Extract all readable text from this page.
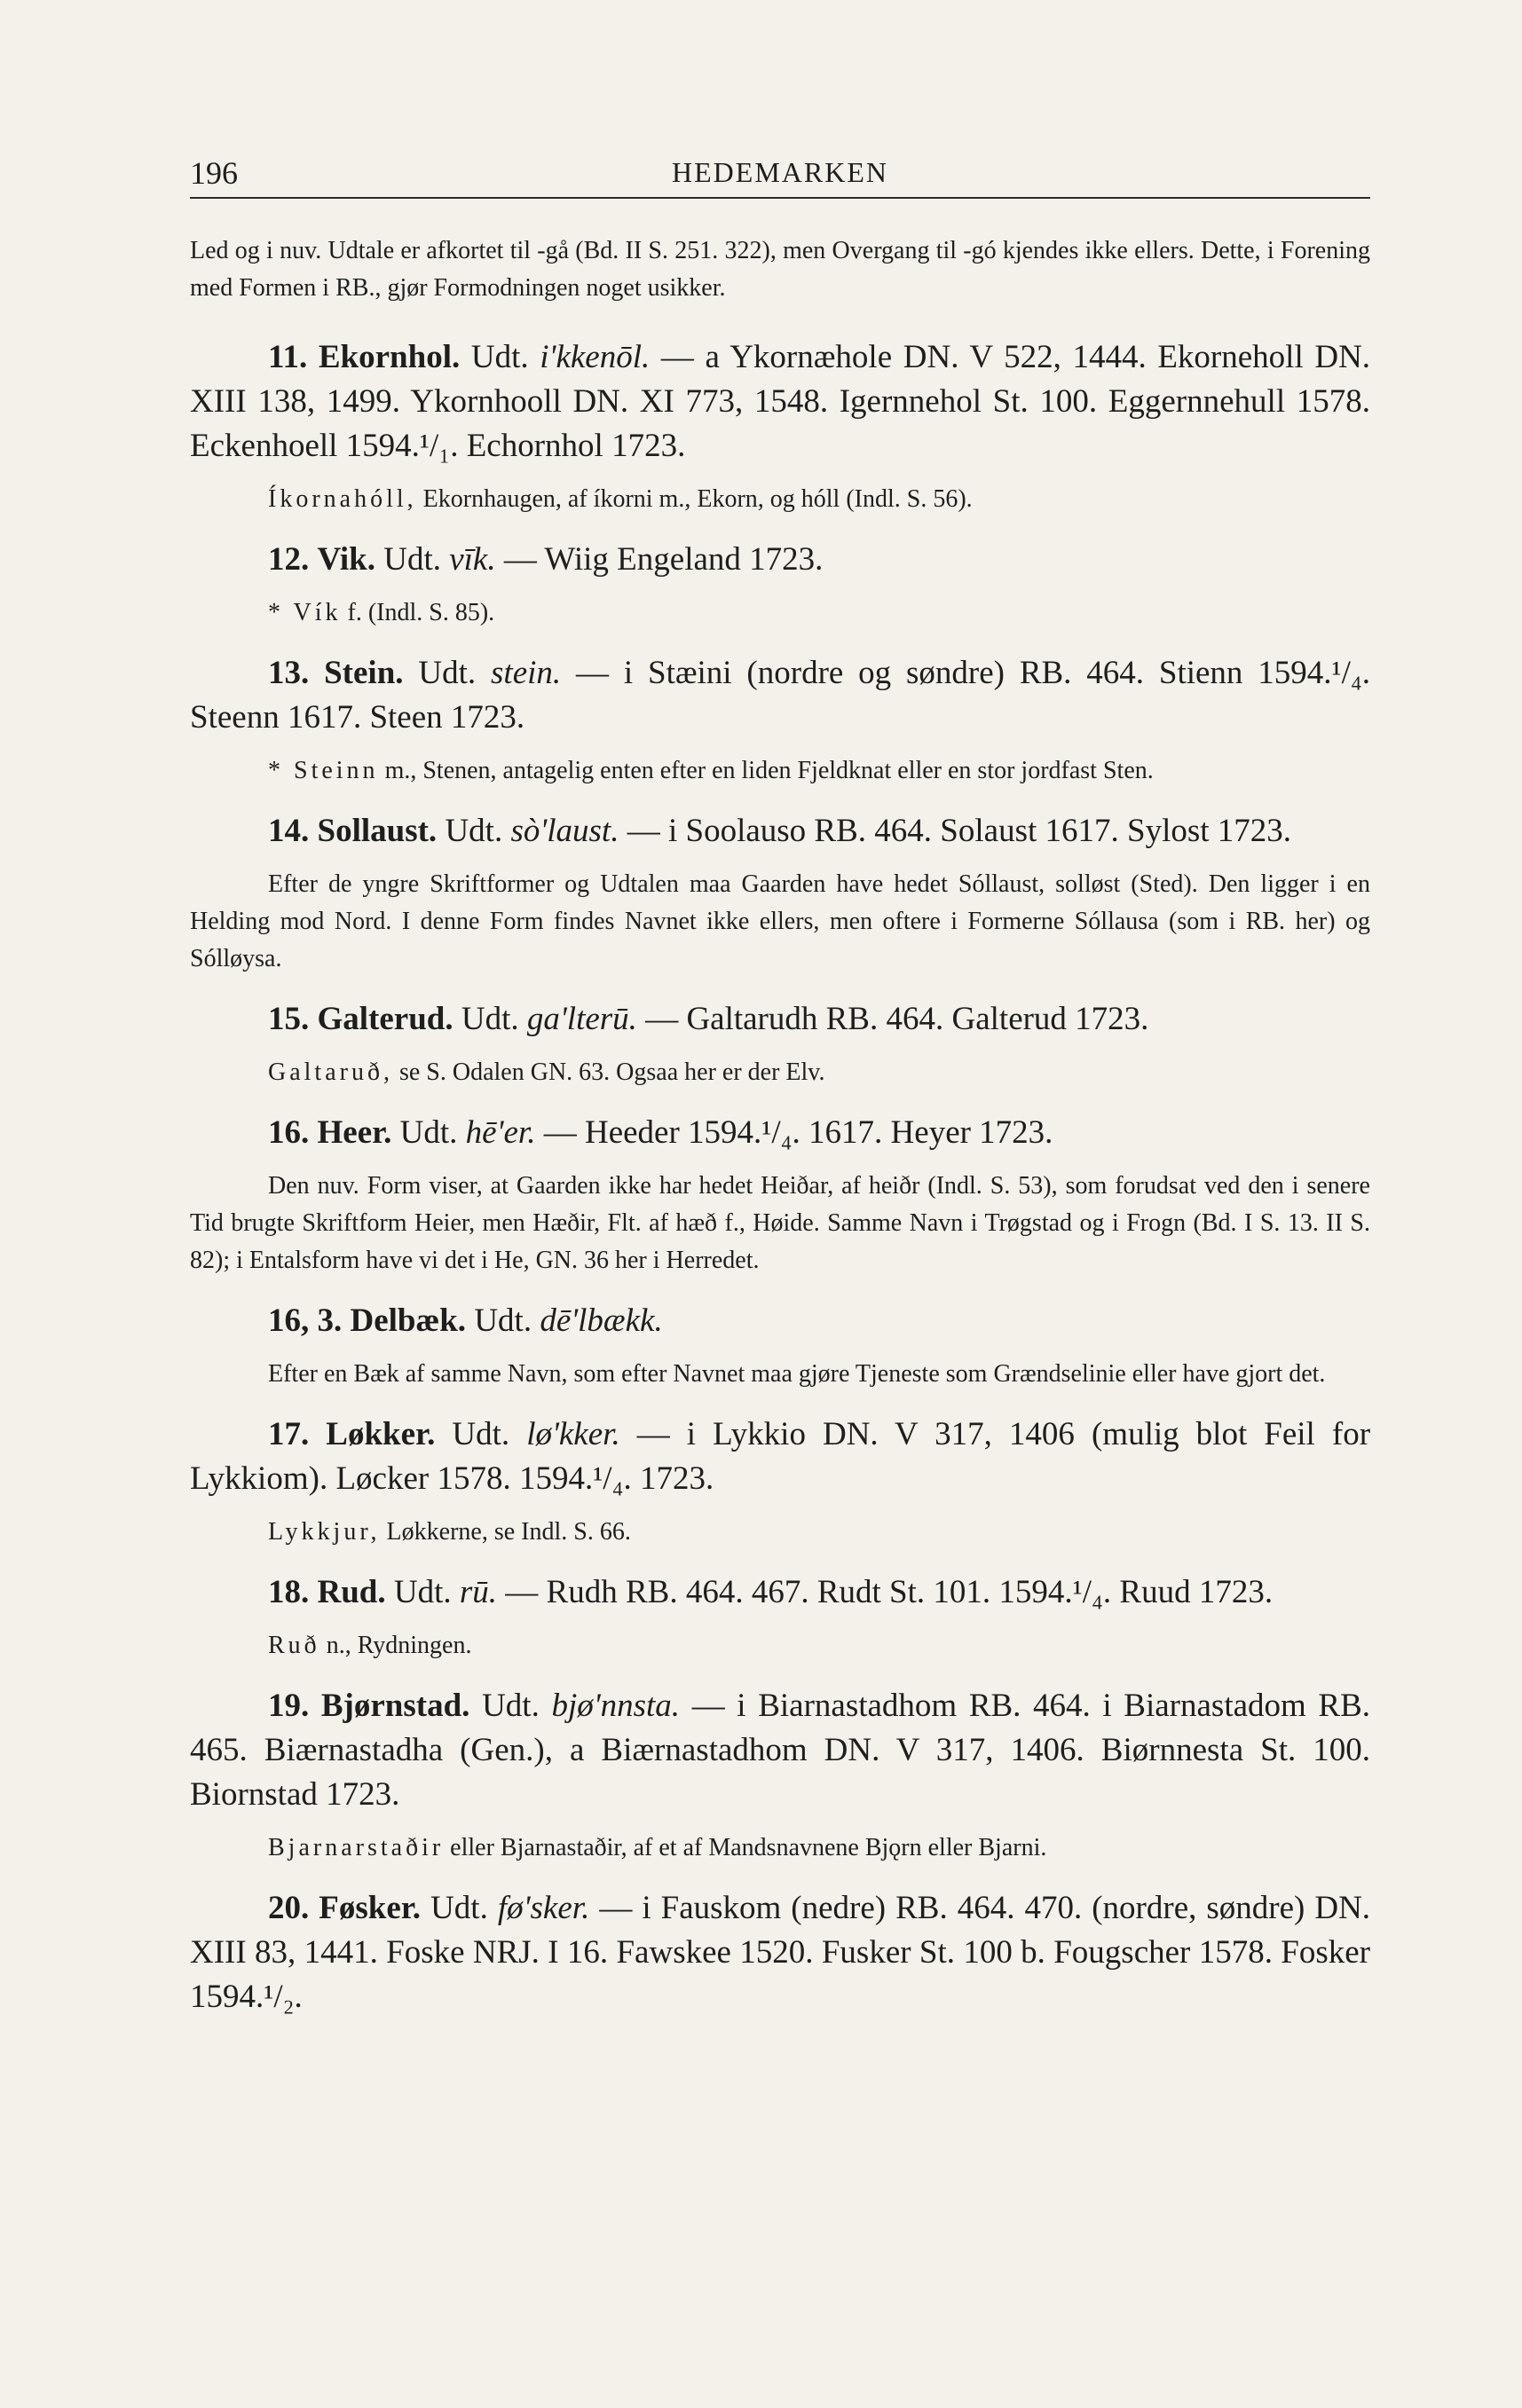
196	HEDEMARKEN

Led og i nuv. Udtale er afkortet til -gå (Bd. II S. 251. 322), men Overgang til -gó kjendes ikke ellers. Dette, i Forening med Formen i RB., gjør Formodningen noget usikker.

11. Ekornhol. Udt. i'kkenōl. — a Ykornæhole DN. V 522, 1444. Ekorneholl DN. XIII 138, 1499. Ykornhooll DN. XI 773, 1548. Igernnehol St. 100. Eggernnehull 1578. Eckenhoell 1594.¹/₁. Echornhol 1723.

Íkornahóll, Ekornhaugen, af íkorni m., Ekorn, og hóll (Indl. S. 56).

12. Vik. Udt. vīk. — Wiig Engeland 1723.

* Vík f. (Indl. S. 85).

13. Stein. Udt. stein. — i Stæini (nordre og søndre) RB. 464. Stienn 1594.¹/₄. Steenn 1617. Steen 1723.

* Steinn m., Stenen, antagelig enten efter en liden Fjeldknat eller en stor jordfast Sten.

14. Sollaust. Udt. sò'laust. — i Soolauso RB. 464. Solaust 1617. Sylost 1723.

Efter de yngre Skriftformer og Udtalen maa Gaarden have hedet Sóllaust, solløst (Sted). Den ligger i en Helding mod Nord. I denne Form findes Navnet ikke ellers, men oftere i Formerne Sóllausa (som i RB. her) og Sólløysa.

15. Galterud. Udt. ga'lterū. — Galtarudh RB. 464. Galterud 1723.

Galtaruð, se S. Odalen GN. 63. Ogsaa her er der Elv.

16. Heer. Udt. hē'er. — Heeder 1594.¹/₄. 1617. Heyer 1723.

Den nuv. Form viser, at Gaarden ikke har hedet Heiðar, af heiðr (Indl. S. 53), som forudsat ved den i senere Tid brugte Skriftform Heier, men Hæðir, Flt. af hæð f., Høide. Samme Navn i Trøgstad og i Frogn (Bd. I S. 13. II S. 82); i Entalsform have vi det i He, GN. 36 her i Herredet.

16, 3. Delbæk. Udt. dē'lbækk.

Efter en Bæk af samme Navn, som efter Navnet maa gjøre Tjeneste som Grændselinie eller have gjort det.

17. Løkker. Udt. lø'kker. — i Lykkio DN. V 317, 1406 (mulig blot Feil for Lykkiom). Løcker 1578. 1594.¹/₄. 1723.

Lykkjur, Løkkerne, se Indl. S. 66.

18. Rud. Udt. rū. — Rudh RB. 464. 467. Rudt St. 101. 1594.¹/₄. Ruud 1723.

Ruð n., Rydningen.

19. Bjørnstad. Udt. bjø'nnsta. — i Biarnastadhom RB. 464. i Biarnastadom RB. 465. Biærnastadha (Gen.), a Biærnastadhom DN. V 317, 1406. Biørnnesta St. 100. Biornstad 1723.

Bjarnarstaðir eller Bjarnastaðir, af et af Mandsnavnene Bjǫrn eller Bjarni.

20. Føsker. Udt. fø'sker. — i Fauskom (nedre) RB. 464. 470. (nordre, søndre) DN. XIII 83, 1441. Foske NRJ. I 16. Fawskee 1520. Fusker St. 100 b. Fougscher 1578. Fosker 1594.¹/₂.
